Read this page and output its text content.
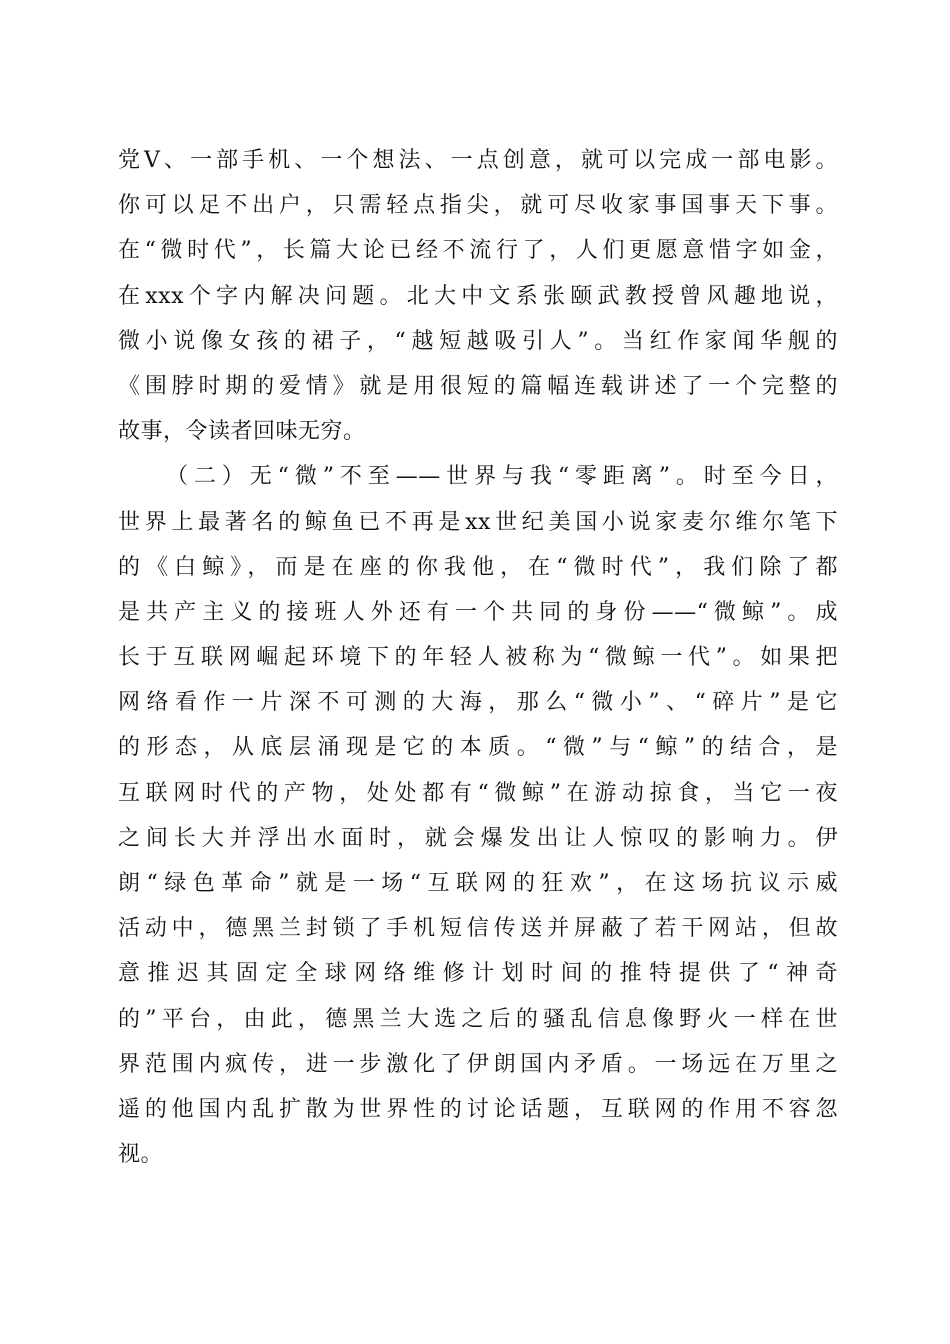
党V、一部手机、一个想法、一点创意，就可以完成一部电影。
你可以足不出户，只需轻点指尖，就可尽收家事国事天下事。
在“微时代”，长篇大论已经不流行了，人们更愿意惜字如金，
在xxx个字内解决问题。北大中文系张颐武教授曾风趣地说，
微小说像女孩的裙子，“越短越吸引人”。当红作家闻华舰的
《围脖时期的爱情》就是用很短的篇幅连载讲述了一个完整的
故事，令读者回味无穷。
（二）无“微”不至——世界与我“零距离”。时至今日，
世界上最著名的鲸鱼已不再是xx世纪美国小说家麦尔维尔笔下
的《白鲸》，而是在座的你我他，在“微时代”，我们除了都
是共产主义的接班人外还有一个共同的身份——“微鲸”。成
长于互联网崛起环境下的年轻人被称为“微鲸一代”。如果把
网络看作一片深不可测的大海，那么“微小”、“碎片”是它
的形态，从底层涌现是它的本质。“微”与“鲸”的结合，是
互联网时代的产物，处处都有“微鲸”在游动掠食，当它一夜
之间长大并浮出水面时，就会爆发出让人惊叹的影响力。伊
朗“绿色革命”就是一场“互联网的狂欢”，在这场抗议示威
活动中，德黑兰封锁了手机短信传送并屏蔽了若干网站，但故
意推迟其固定全球网络维修计划时间的推特提供了“神奇
的”平台，由此，德黑兰大选之后的骚乱信息像野火一样在世
界范围内疯传，进一步激化了伊朗国内矛盾。一场远在万里之
遥的他国内乱扩散为世界性的讨论话题，互联网的作用不容忽
视。
